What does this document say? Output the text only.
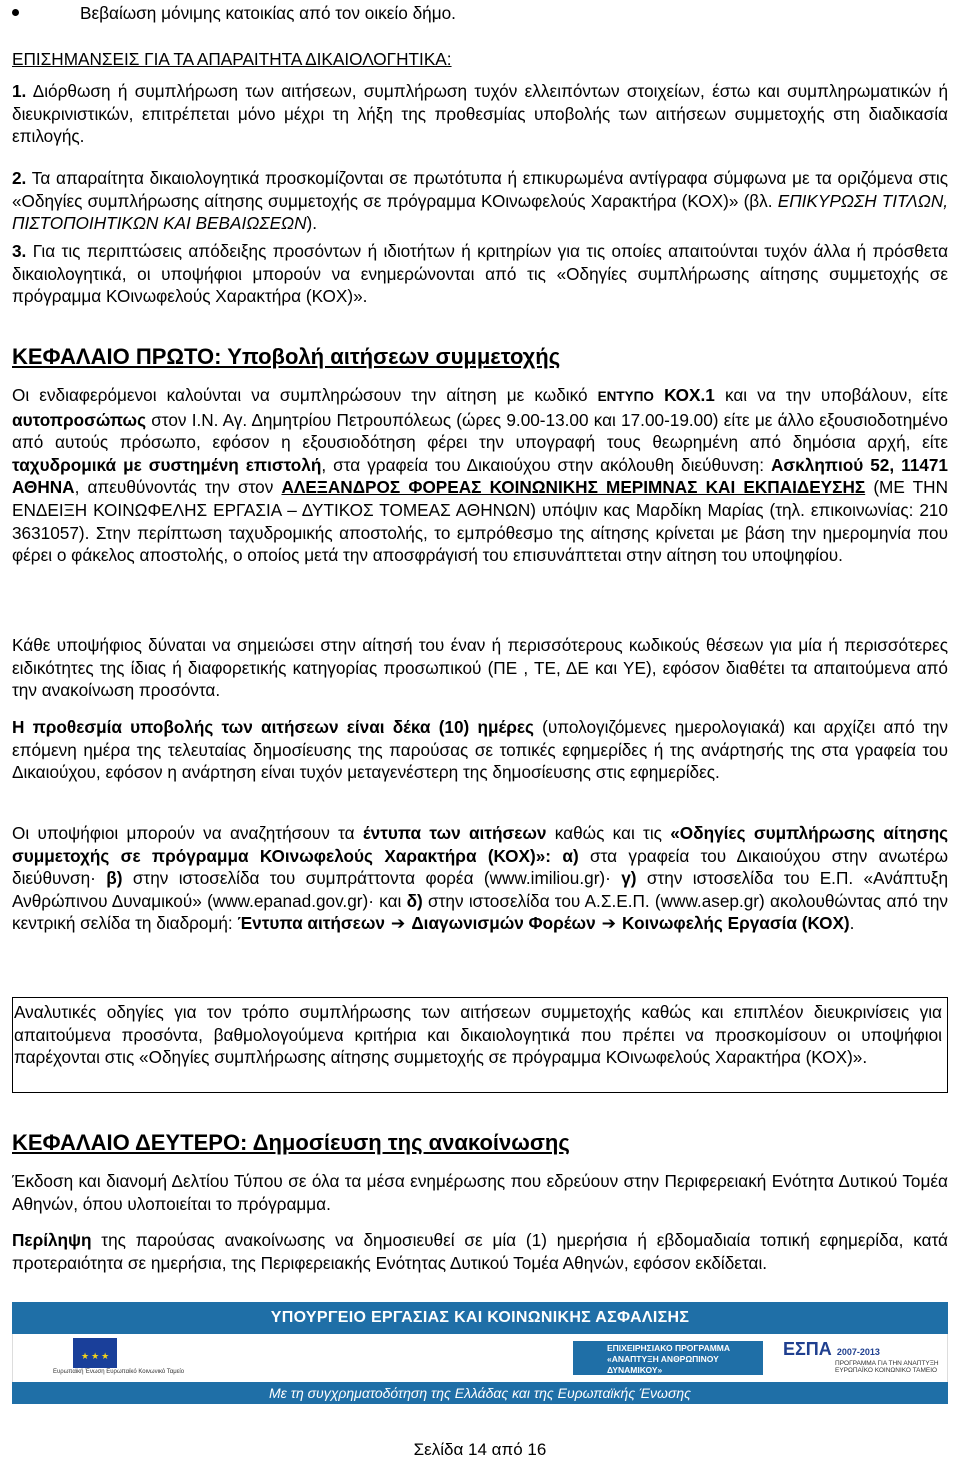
Βεβαίωση μόνιμης κατοικίας από τον οικείο δήμο.
ΕΠΙΣΗΜΑΝΣΕΙΣ ΓΙΑ ΤΑ ΑΠΑΡΑΙΤΗΤΑ ΔΙΚΑΙΟΛΟΓΗΤΙΚΑ:

1. Διόρθωση ή συμπλήρωση των αιτήσεων, συμπλήρωση τυχόν ελλειπόντων στοιχείων, έστω και συμπληρωματικών ή διευκρινιστικών, επιτρέπεται μόνο μέχρι τη λήξη της προθεσμίας υποβολής των αιτήσεων συμμετοχής στη διαδικασία επιλογής.

2. Τα απαραίτητα δικαιολογητικά προσκομίζονται σε πρωτότυπα ή επικυρωμένα αντίγραφα σύμφωνα με τα οριζόμενα στις «Οδηγίες συμπλήρωσης αίτησης συμμετοχής σε πρόγραμμα ΚΟινωφελούς Χαρακτήρα (ΚΟΧ)» (βλ. ΕΠΙΚΥΡΩΣΗ ΤΙΤΛΩΝ, ΠΙΣΤΟΠΟΙΗΤΙΚΩΝ ΚΑΙ ΒΕΒΑΙΩΣΕΩΝ).

3. Για τις περιπτώσεις απόδειξης προσόντων ή ιδιοτήτων ή κριτηρίων για τις οποίες απαιτούνται τυχόν άλλα ή πρόσθετα δικαιολογητικά, οι υποψήφιοι μπορούν να ενημερώνονται από τις «Οδηγίες συμπλήρωσης αίτησης συμμετοχής σε πρόγραμμα ΚΟινωφελούς Χαρακτήρα (ΚΟΧ)».

ΚΕΦΑΛΑΙΟ ΠΡΩΤΟ: Υποβολή αιτήσεων συμμετοχής

Οι ενδιαφερόμενοι καλούνται να συμπληρώσουν την αίτηση με κωδικό ΕΝΤΥΠΟ ΚΟΧ.1 και να την υποβάλουν, είτε αυτοπροσώπως στον Ι.Ν. Αγ. Δημητρίου Πετρουπόλεως (ώρες 9.00-13.00 και 17.00-19.00) είτε με άλλο εξουσιοδοτημένο από αυτούς πρόσωπο, εφόσον η εξουσιοδότηση φέρει την υπογραφή τους θεωρημένη από δημόσια αρχή, είτε ταχυδρομικά με συστημένη επιστολή, στα γραφεία του Δικαιούχου στην ακόλουθη διεύθυνση: Ασκληπιού 52, 11471 ΑΘΗΝΑ, απευθύνοντάς την στον ΑΛΕΞΑΝΔΡΟΣ ΦΟΡΕΑΣ ΚΟΙΝΩΝΙΚΗΣ ΜΕΡΙΜΝΑΣ ΚΑΙ ΕΚΠΑΙΔΕΥΣΗΣ (ΜΕ ΤΗΝ ΕΝΔΕΙΞΗ ΚΟΙΝΩΦΕΛΗΣ ΕΡΓΑΣΙΑ – ΔΥΤΙΚΟΣ ΤΟΜΕΑΣ ΑΘΗΝΩΝ) υπόψιν κας Μαρδίκη Μαρίας (τηλ. επικοινωνίας: 210 3631057). Στην περίπτωση ταχυδρομικής αποστολής, το εμπρόθεσμο της αίτησης κρίνεται με βάση την ημερομηνία που φέρει ο φάκελος αποστολής, ο οποίος μετά την αποσφράγισή του επισυνάπτεται στην αίτηση του υποψηφίου.

Κάθε υποψήφιος δύναται να σημειώσει στην αίτησή του έναν ή περισσότερους κωδικούς θέσεων για μία ή περισσότερες ειδικότητες της ίδιας ή διαφορετικής κατηγορίας προσωπικού (ΠΕ , ΤΕ, ΔΕ και ΥΕ), εφόσον διαθέτει τα απαιτούμενα από την ανακοίνωση προσόντα.

Η προθεσμία υποβολής των αιτήσεων είναι δέκα (10) ημέρες (υπολογιζόμενες ημερολογιακά) και αρχίζει από την επόμενη ημέρα της τελευταίας δημοσίευσης της παρούσας σε τοπικές εφημερίδες ή της ανάρτησής της στα γραφεία του Δικαιούχου, εφόσον η ανάρτηση είναι τυχόν μεταγενέστερη της δημοσίευσης στις εφημερίδες.

Οι υποψήφιοι μπορούν να αναζητήσουν τα έντυπα των αιτήσεων καθώς και τις «Οδηγίες συμπλήρωσης αίτησης συμμετοχής σε πρόγραμμα ΚΟινωφελούς Χαρακτήρα (ΚΟΧ)»: α) στα γραφεία του Δικαιούχου στην ανωτέρω διεύθυνση· β) στην ιστοσελίδα του συμπράττοντα φορέα (www.imiliou.gr)· γ) στην ιστοσελίδα του Ε.Π. «Ανάπτυξη Ανθρώπινου Δυναμικού» (www.epanad.gov.gr)· και δ) στην ιστοσελίδα του Α.Σ.Ε.Π. (www.asep.gr) ακολουθώντας από την κεντρική σελίδα τη διαδρομή: Έντυπα αιτήσεων ➔ Διαγωνισμών Φορέων ➔ Κοινωφελής Εργασία (ΚΟΧ).

Αναλυτικές οδηγίες για τον τρόπο συμπλήρωσης των αιτήσεων συμμετοχής καθώς και επιπλέον διευκρινίσεις για απαιτούμενα προσόντα, βαθμολογούμενα κριτήρια και δικαιολογητικά που πρέπει να προσκομίσουν οι υποψήφιοι παρέχονται στις «Οδηγίες συμπλήρωσης αίτησης συμμετοχής σε πρόγραμμα ΚΟινωφελούς Χαρακτήρα (ΚΟΧ)».

ΚΕΦΑΛΑΙΟ ΔΕΥΤΕΡΟ: Δημοσίευση της ανακοίνωσης

Έκδοση και διανομή Δελτίου Τύπου σε όλα τα μέσα ενημέρωσης που εδρεύουν στην Περιφερειακή Ενότητα Δυτικού Τομέα Αθηνών, όπου υλοποιείται το πρόγραμμα.

Περίληψη της παρούσας ανακοίνωσης να δημοσιευθεί σε μία (1) ημερήσια ή εβδομαδιαία τοπική εφημερίδα, κατά προτεραιότητα σε ημερήσια, της Περιφερειακής Ενότητας Δυτικού Τομέα Αθηνών, εφόσον εκδίδεται.

ΥΠΟΥΡΓΕΙΟ ΕΡΓΑΣΙΑΣ ΚΑΙ ΚΟΙΝΩΝΙΚΗΣ ΑΣΦΑΛΙΣΗΣ
★★★
Ευρωπαϊκή Ένωση Ευρωπαϊκό Κοινωνικό Ταμείο
ΕΠΙΧΕΙΡΗΣΙΑΚΟ ΠΡΟΓΡΑΜΜΑ «ΑΝΑΠΤΥΞΗ ΑΝΘΡΩΠΙΝΟΥ ΔΥΝΑΜΙΚΟΥ»
ΕΣΠΑ 2007-2013
ΠΡΟΓΡΑΜΜΑ ΓΙΑ ΤΗΝ ΑΝΑΠΤΥΞΗ ΕΥΡΩΠΑΪΚΟ ΚΟΙΝΩΝΙΚΟ ΤΑΜΕΙΟ
Με τη συγχρηματοδότηση της Ελλάδας και της Ευρωπαϊκής Ένωσης
Σελίδα 14 από 16
